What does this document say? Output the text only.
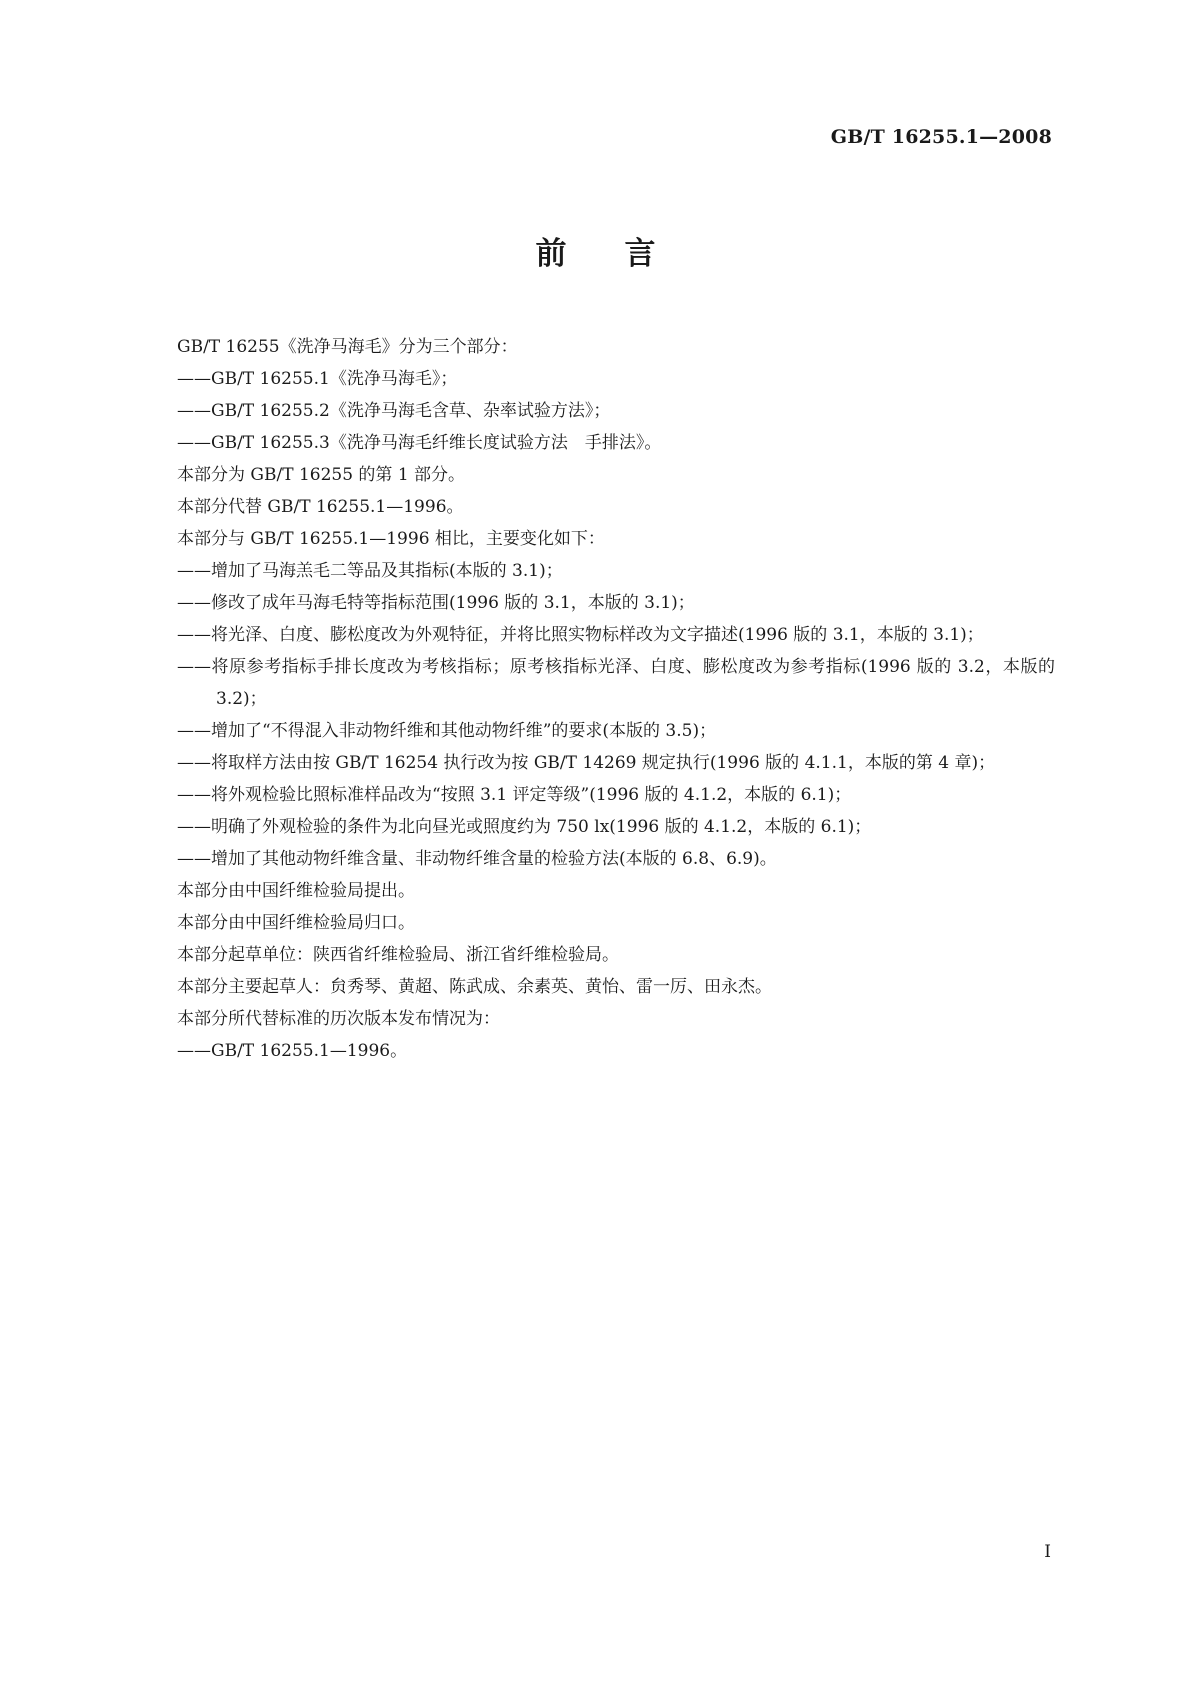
GB/T 16255.1—2008
前言

GB/T 16255《洗净马海毛》分为三个部分：

——GB/T 16255.1《洗净马海毛》；

——GB/T 16255.2《洗净马海毛含草、杂率试验方法》；

——GB/T 16255.3《洗净马海毛纤维长度试验方法　手排法》。

本部分为 GB/T 16255 的第 1 部分。

本部分代替 GB/T 16255.1—1996。

本部分与 GB/T 16255.1—1996 相比，主要变化如下：

——增加了马海羔毛二等品及其指标(本版的 3.1)；

——修改了成年马海毛特等指标范围(1996 版的 3.1，本版的 3.1)；

——将光泽、白度、膨松度改为外观特征，并将比照实物标样改为文字描述(1996 版的 3.1，本版的 3.1)；

——将原参考指标手排长度改为考核指标；原考核指标光泽、白度、膨松度改为参考指标(1996 版的 3.2，本版的 3.2)；

——增加了“不得混入非动物纤维和其他动物纤维”的要求(本版的 3.5)；

——将取样方法由按 GB/T 16254 执行改为按 GB/T 14269 规定执行(1996 版的 4.1.1，本版的第 4 章)；

——将外观检验比照标准样品改为“按照 3.1 评定等级”(1996 版的 4.1.2，本版的 6.1)；

——明确了外观检验的条件为北向昼光或照度约为 750 lx(1996 版的 4.1.2，本版的 6.1)；

——增加了其他动物纤维含量、非动物纤维含量的检验方法(本版的 6.8、6.9)。

本部分由中国纤维检验局提出。

本部分由中国纤维检验局归口。

本部分起草单位：陕西省纤维检验局、浙江省纤维检验局。

本部分主要起草人：贠秀琴、黄超、陈武成、余素英、黄怡、雷一厉、田永杰。

本部分所代替标准的历次版本发布情况为：

——GB/T 16255.1—1996。

I
